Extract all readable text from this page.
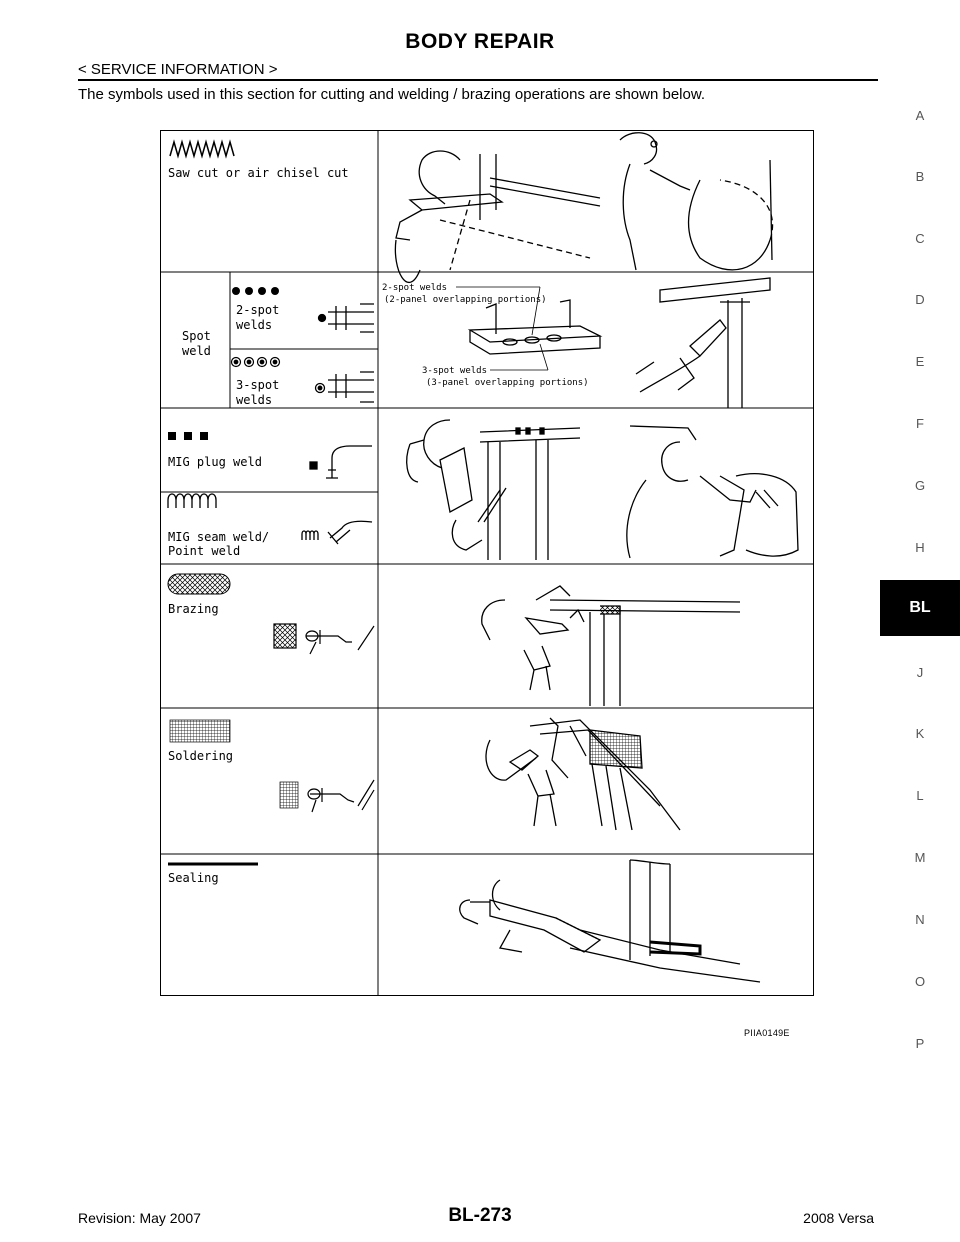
BODY REPAIR
< SERVICE INFORMATION >
The symbols used in this section for cutting and welding / brazing operations are shown below.
A
B
C
D
E
F
G
H
J
K
L
M
N
O
P
BL
Saw cut or air chisel cut
Spot
weld
2-spot
welds
3-spot
welds
2-spot welds
(2-panel overlapping portions)
3-spot welds
(3-panel overlapping portions)
MIG plug weld
MIG seam weld/
Point weld
Brazing
Soldering
Sealing
PIIA0149E
BL-273
Revision: May 2007	2008 Versa
